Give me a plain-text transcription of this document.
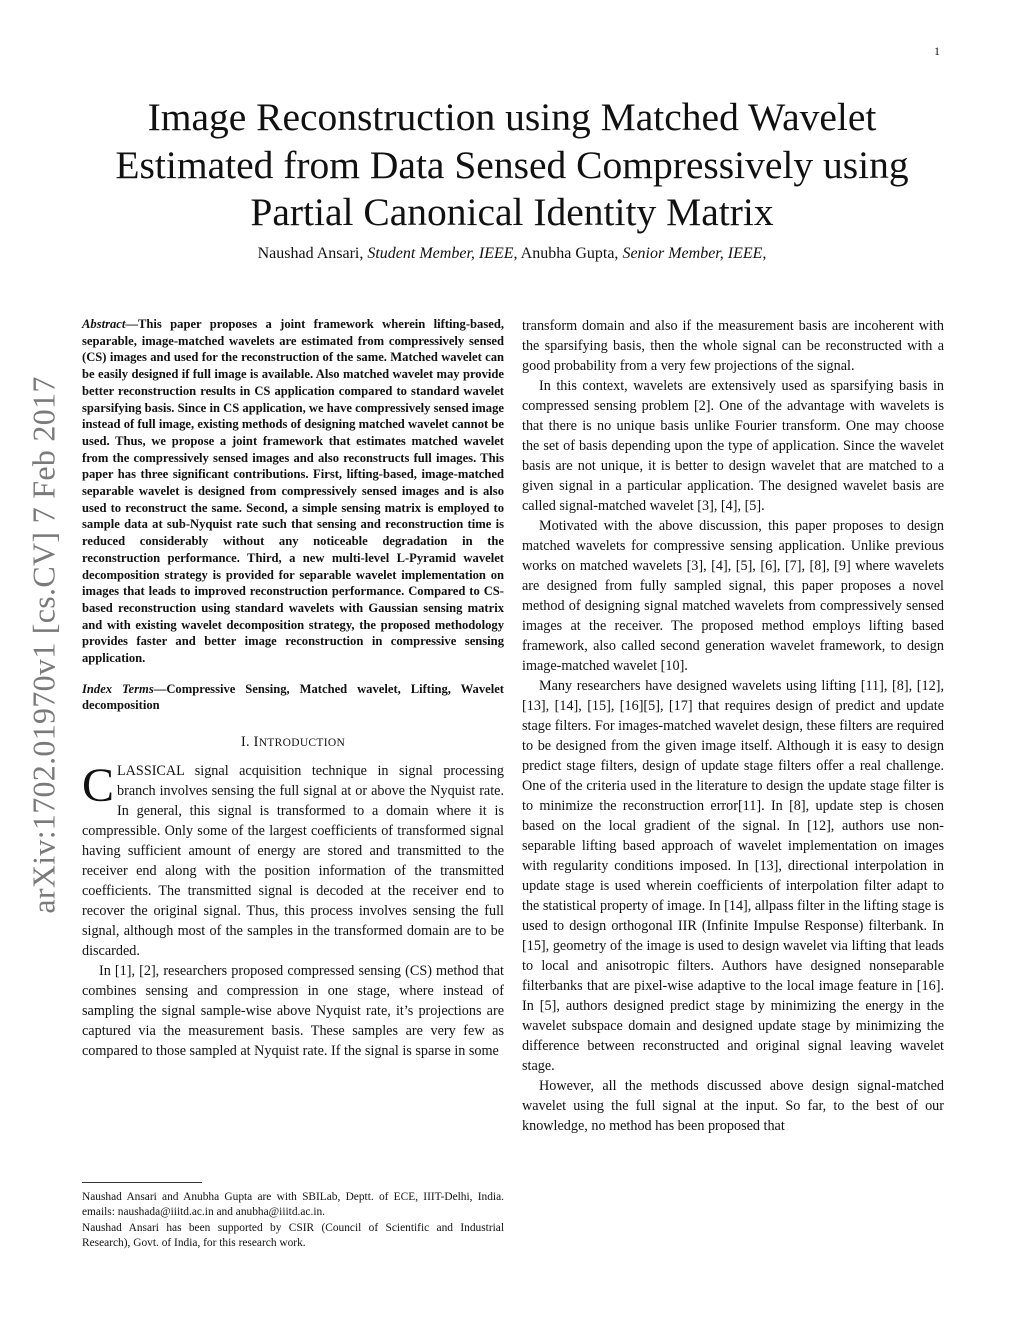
1
arXiv:1702.01970v1 [cs.CV] 7 Feb 2017
Image Reconstruction using Matched Wavelet Estimated from Data Sensed Compressively using Partial Canonical Identity Matrix
Naushad Ansari, Student Member, IEEE, Anubha Gupta, Senior Member, IEEE,

Abstract—This paper proposes a joint framework wherein lifting-based, separable, image-matched wavelets are estimated from compressively sensed (CS) images and used for the reconstruction of the same. Matched wavelet can be easily designed if full image is available. Also matched wavelet may provide better reconstruction results in CS application compared to standard wavelet sparsifying basis. Since in CS application, we have compressively sensed image instead of full image, existing methods of designing matched wavelet cannot be used. Thus, we propose a joint framework that estimates matched wavelet from the compressively sensed images and also reconstructs full images. This paper has three significant contributions. First, lifting-based, image-matched separable wavelet is designed from compressively sensed images and is also used to reconstruct the same. Second, a simple sensing matrix is employed to sample data at sub-Nyquist rate such that sensing and reconstruction time is reduced considerably without any noticeable degradation in the reconstruction performance. Third, a new multi-level L-Pyramid wavelet decomposition strategy is provided for separable wavelet implementation on images that leads to improved reconstruction performance. Compared to CS-based reconstruction using standard wavelets with Gaussian sensing matrix and with existing wavelet decomposition strategy, the proposed methodology provides faster and better image reconstruction in compressive sensing application.

Index Terms—Compressive Sensing, Matched wavelet, Lifting, Wavelet decomposition

I. INTRODUCTION

CLASSICAL signal acquisition technique in signal processing branch involves sensing the full signal at or above the Nyquist rate. In general, this signal is transformed to a domain where it is compressible. Only some of the largest coefficients of transformed signal having sufficient amount of energy are stored and transmitted to the receiver end along with the position information of the transmitted coefficients. The transmitted signal is decoded at the receiver end to recover the original signal. Thus, this process involves sensing the full signal, although most of the samples in the transformed domain are to be discarded.

In [1], [2], researchers proposed compressed sensing (CS) method that combines sensing and compression in one stage, where instead of sampling the signal sample-wise above Nyquist rate, it’s projections are captured via the measurement basis. These samples are very few as compared to those sampled at Nyquist rate. If the signal is sparse in some

transform domain and also if the measurement basis are incoherent with the sparsifying basis, then the whole signal can be reconstructed with a good probability from a very few projections of the signal.

In this context, wavelets are extensively used as sparsifying basis in compressed sensing problem [2]. One of the advantage with wavelets is that there is no unique basis unlike Fourier transform. One may choose the set of basis depending upon the type of application. Since the wavelet basis are not unique, it is better to design wavelet that are matched to a given signal in a particular application. The designed wavelet basis are called signal-matched wavelet [3], [4], [5].

Motivated with the above discussion, this paper proposes to design matched wavelets for compressive sensing application. Unlike previous works on matched wavelets [3], [4], [5], [6], [7], [8], [9] where wavelets are designed from fully sampled signal, this paper proposes a novel method of designing signal matched wavelets from compressively sensed images at the receiver. The proposed method employs lifting based framework, also called second generation wavelet framework, to design image-matched wavelet [10].

Many researchers have designed wavelets using lifting [11], [8], [12], [13], [14], [15], [16][5], [17] that requires design of predict and update stage filters. For images-matched wavelet design, these filters are required to be designed from the given image itself. Although it is easy to design predict stage filters, design of update stage filters offer a real challenge. One of the criteria used in the literature to design the update stage filter is to minimize the reconstruction error[11]. In [8], update step is chosen based on the local gradient of the signal. In [12], authors use non-separable lifting based approach of wavelet implementation on images with regularity conditions imposed. In [13], directional interpolation in update stage is used wherein coefficients of interpolation filter adapt to the statistical property of image. In [14], allpass filter in the lifting stage is used to design orthogonal IIR (Infinite Impulse Response) filterbank. In [15], geometry of the image is used to design wavelet via lifting that leads to local and anisotropic filters. Authors have designed nonseparable filterbanks that are pixel-wise adaptive to the local image feature in [16]. In [5], authors designed predict stage by minimizing the energy in the wavelet subspace domain and designed update stage by minimizing the difference between reconstructed and original signal leaving wavelet stage.

However, all the methods discussed above design signal-matched wavelet using the full signal at the input. So far, to the best of our knowledge, no method has been proposed that

Naushad Ansari and Anubha Gupta are with SBILab, Deptt. of ECE, IIIT-Delhi, India. emails: naushada@iiitd.ac.in and anubha@iiitd.ac.in.

Naushad Ansari has been supported by CSIR (Council of Scientific and Industrial Research), Govt. of India, for this research work.
